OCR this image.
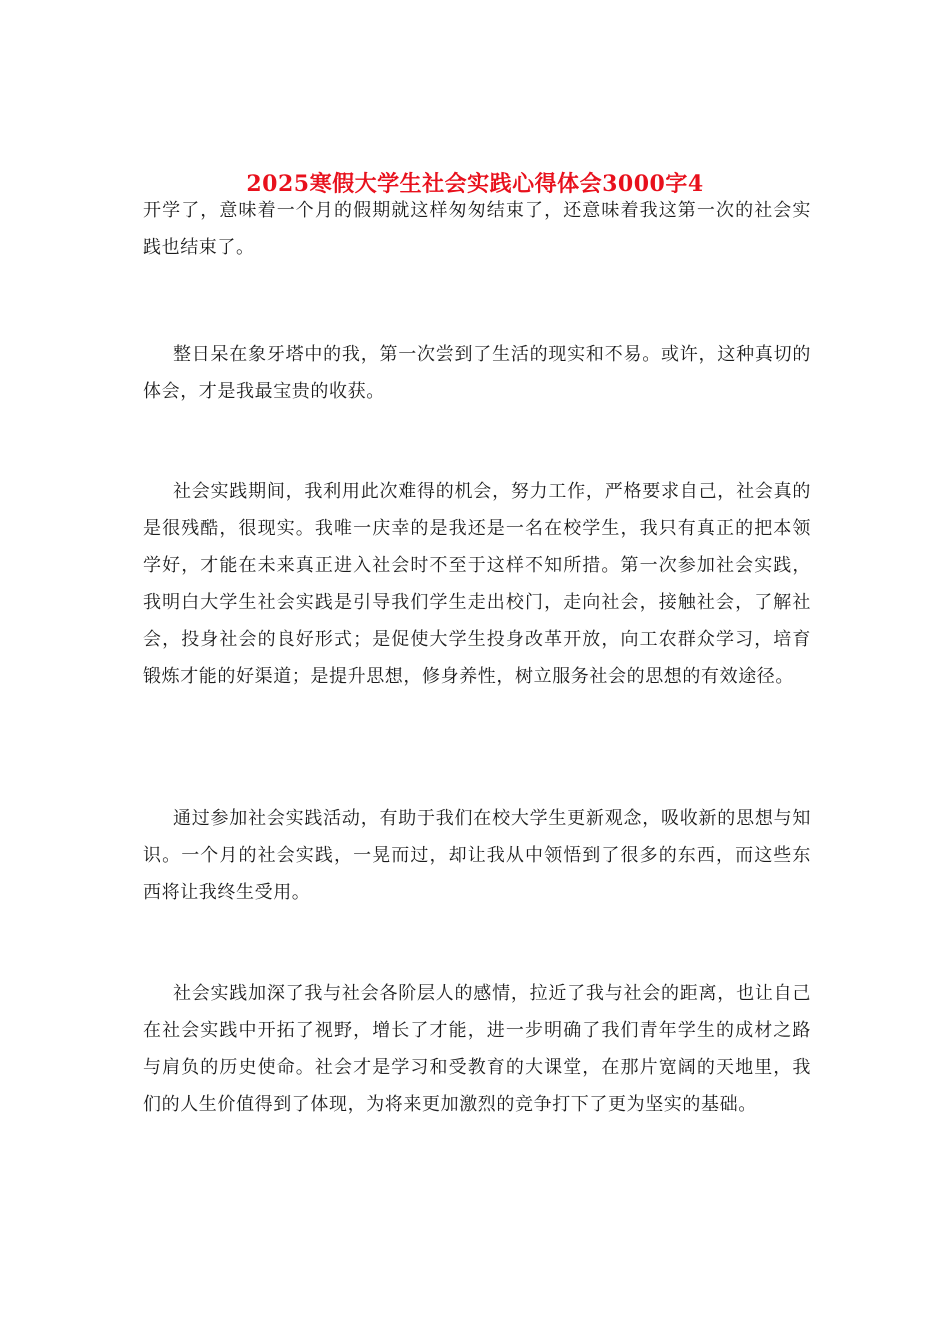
2025寒假大学生社会实践心得体会3000字4

开学了，意味着一个月的假期就这样匆匆结束了，还意味着我这第一次的社会实践也结束了。

整日呆在象牙塔中的我，第一次尝到了生活的现实和不易。或许，这种真切的体会，才是我最宝贵的收获。

社会实践期间，我利用此次难得的机会，努力工作，严格要求自己，社会真的是很残酷，很现实。我唯一庆幸的是我还是一名在校学生，我只有真正的把本领学好，才能在未来真正进入社会时不至于这样不知所措。第一次参加社会实践，我明白大学生社会实践是引导我们学生走出校门，走向社会，接触社会，了解社会，投身社会的良好形式；是促使大学生投身改革开放，向工农群众学习，培育锻炼才能的好渠道；是提升思想，修身养性，树立服务社会的思想的有效途径。

通过参加社会实践活动，有助于我们在校大学生更新观念，吸收新的思想与知识。一个月的社会实践，一晃而过，却让我从中领悟到了很多的东西，而这些东西将让我终生受用。

社会实践加深了我与社会各阶层人的感情，拉近了我与社会的距离，也让自己在社会实践中开拓了视野，增长了才能，进一步明确了我们青年学生的成材之路与肩负的历史使命。社会才是学习和受教育的大课堂，在那片宽阔的天地里，我们的人生价值得到了体现，为将来更加激烈的竞争打下了更为坚实的基础。
